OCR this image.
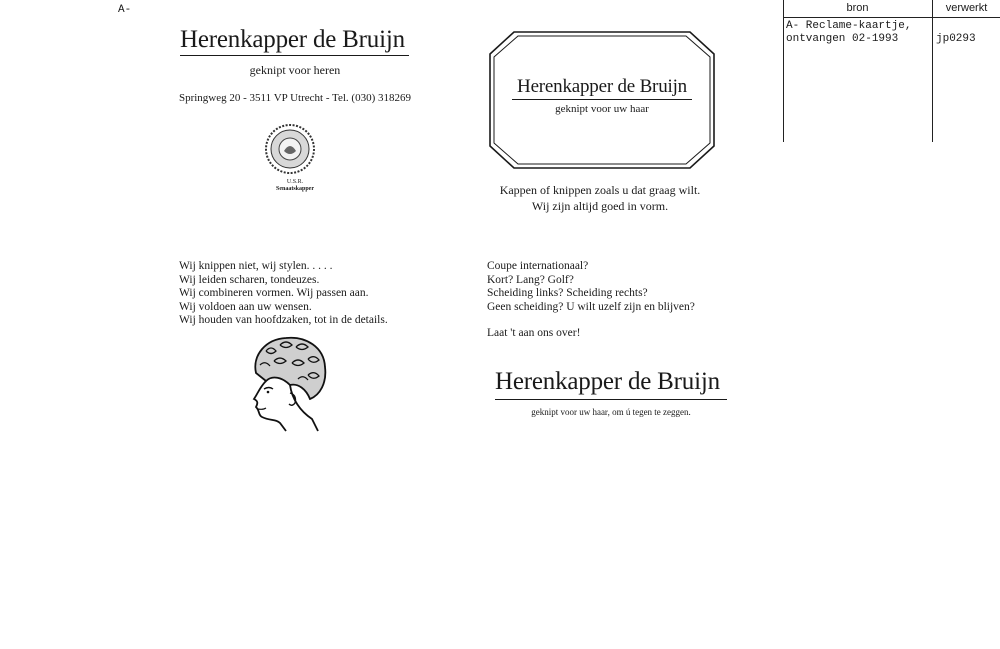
A-	bron	verwerkt
A- Reclame-kaartje,
ontvangen 02-1993	jp0293
Herenkapper de Bruijn
geknipt voor heren
Springweg 20 - 3511 VP Utrecht - Tel. (030) 318269
U.S.R.
Senaatskapper
Herenkapper de Bruijn
geknipt voor uw haar
Kappen of knippen zoals u dat graag wilt.
Wij zijn altijd goed in vorm.

Wij knippen niet, wij stylen. . . . .

Wij leiden scharen, tondeuzes.

Wij combineren vormen. Wij passen aan.

Wij voldoen aan uw wensen.

Wij houden van hoofdzaken, tot in de details.

Coupe internationaal?

Kort? Lang? Golf?

Scheiding links? Scheiding rechts?

Geen scheiding? U wilt uzelf zijn en blijven?

Laat 't aan ons over!

Herenkapper de Bruijn
geknipt voor uw haar, om ú tegen te zeggen.
